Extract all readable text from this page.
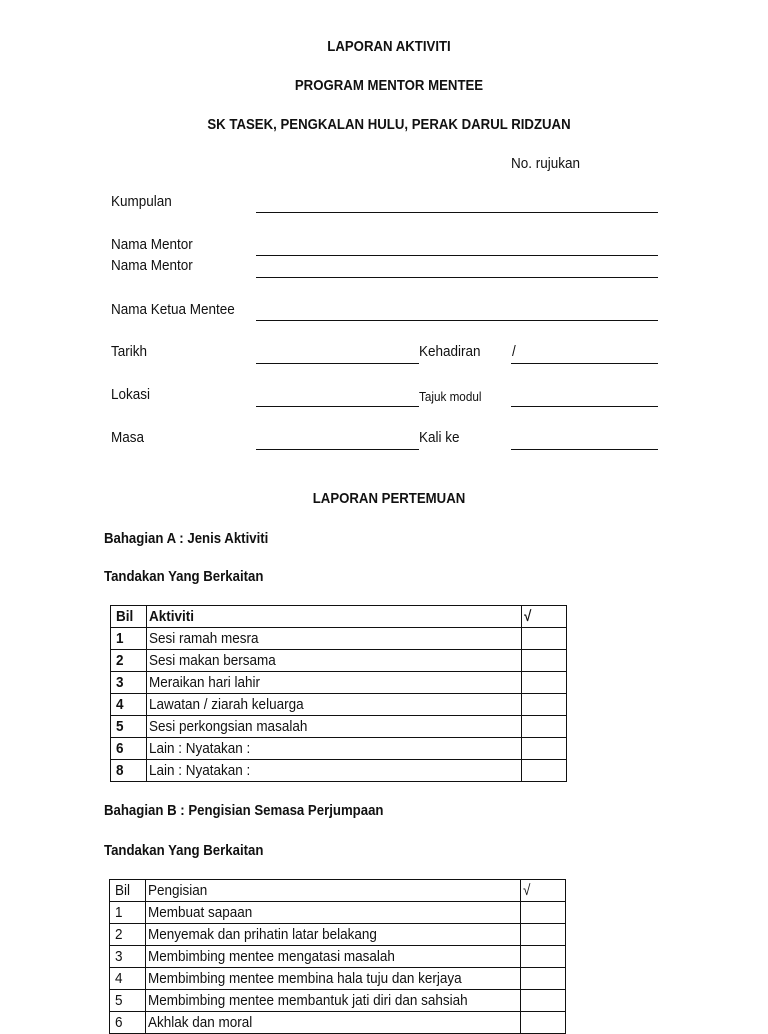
LAPORAN AKTIVITI
PROGRAM MENTOR MENTEE
SK TASEK, PENGKALAN HULU, PERAK DARUL RIDZUAN
No. rujukan
Kumpulan
Nama Mentor
Nama Mentor
Nama Ketua Mentee
Tarikh	Kehadiran /
Lokasi	Tajuk modul
Masa	Kali ke
LAPORAN PERTEMUAN
Bahagian A : Jenis Aktiviti
Tandakan Yang Berkaitan
Bil	Aktiviti	√
1	Sesi ramah mesra	
2	Sesi makan bersama	
3	Meraikan hari lahir	
4	Lawatan / ziarah keluarga	
5	Sesi perkongsian masalah	
6	Lain : Nyatakan :	
8	Lain : Nyatakan :	
Bahagian B : Pengisian Semasa Perjumpaan
Tandakan Yang Berkaitan
Bil	Pengisian	√
1	Membuat sapaan	
2	Menyemak dan prihatin latar belakang	
3	Membimbing mentee mengatasi masalah	
4	Membimbing mentee membina hala tuju dan kerjaya	
5	Membimbing mentee membantuk jati diri dan sahsiah	
6	Akhlak dan moral	
